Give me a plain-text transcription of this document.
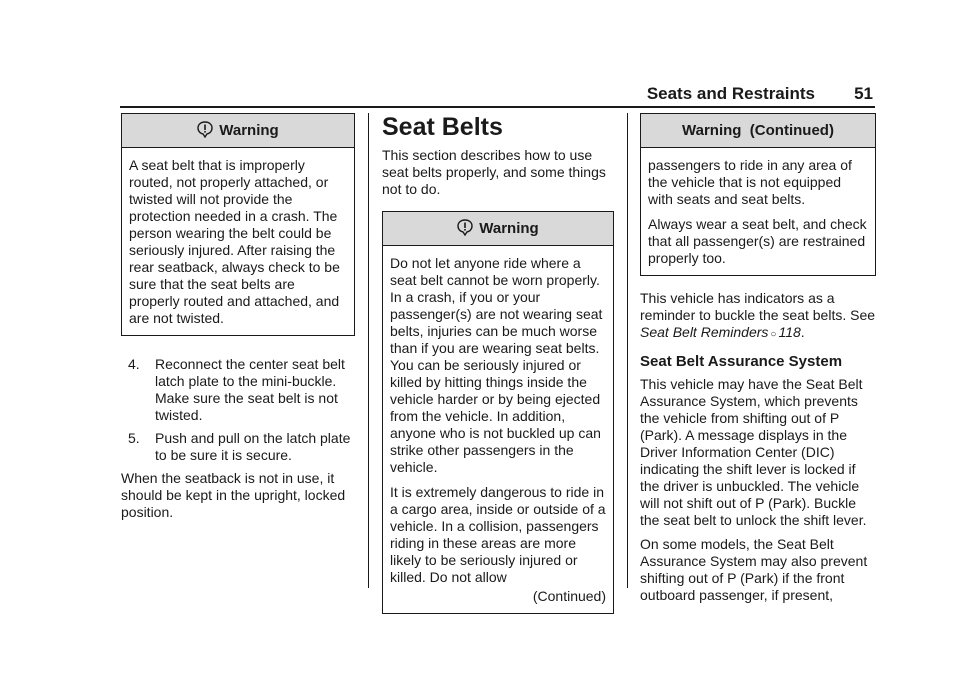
Seats and Restraints 51
Warning

A seat belt that is improperly routed, not properly attached, or twisted will not provide the protection needed in a crash. The person wearing the belt could be seriously injured. After raising the rear seatback, always check to be sure that the seat belts are properly routed and attached, and are not twisted.

4.	Reconnect the center seat belt latch plate to the mini-buckle. Make sure the seat belt is not twisted.
5.	Push and pull on the latch plate to be sure it is secure.

When the seatback is not in use, it should be kept in the upright, locked position.

Seat Belts

This section describes how to use seat belts properly, and some things not to do.

Warning

Do not let anyone ride where a seat belt cannot be worn properly. In a crash, if you or your passenger(s) are not wearing seat belts, injuries can be much worse than if you are wearing seat belts. You can be seriously injured or killed by hitting things inside the vehicle harder or by being ejected from the vehicle. In addition, anyone who is not buckled up can strike other passengers in the vehicle.

It is extremely dangerous to ride in a cargo area, inside or outside of a vehicle. In a collision, passengers riding in these areas are more likely to be seriously injured or killed. Do not allow

(Continued)
Warning  (Continued)

passengers to ride in any area of the vehicle that is not equipped with seats and seat belts.

Always wear a seat belt, and check that all passenger(s) are restrained properly too.

This vehicle has indicators as a reminder to buckle the seat belts. See Seat Belt Reminders ○ 118.

Seat Belt Assurance System

This vehicle may have the Seat Belt Assurance System, which prevents the vehicle from shifting out of P (Park). A message displays in the Driver Information Center (DIC) indicating the shift lever is locked if the driver is unbuckled. The vehicle will not shift out of P (Park). Buckle the seat belt to unlock the shift lever.

On some models, the Seat Belt Assurance System may also prevent shifting out of P (Park) if the front outboard passenger, if present,
